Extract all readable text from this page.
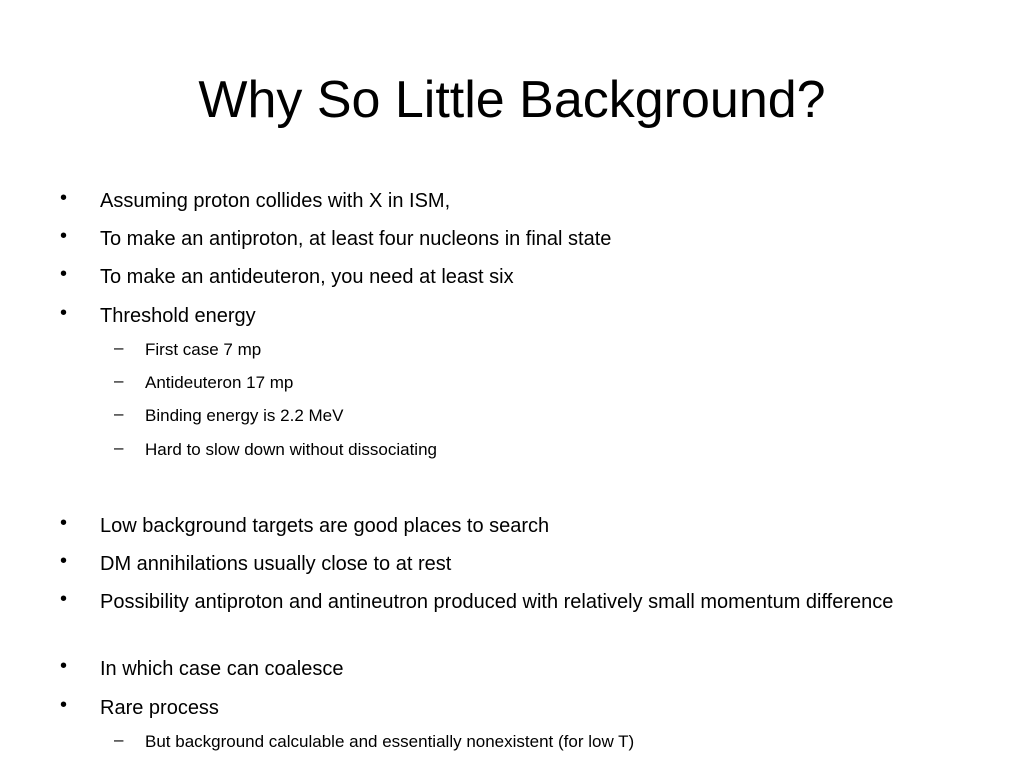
Why So Little Background?
• Assuming proton collides with X in ISM,
• To make an antiproton, at least four nucleons in final state
• To make an antideuteron, you need at least six
• Threshold energy
– First case 7 mp
– Antideuteron 17 mp
– Binding energy is 2.2 MeV
– Hard to slow down without dissociating
• Low background targets are good places to search
• DM annihilations usually close to at rest
• Possibility antiproton and antineutron produced with relatively small momentum difference
• In which case can coalesce
• Rare process
– But background calculable and essentially nonexistent (for low T)
